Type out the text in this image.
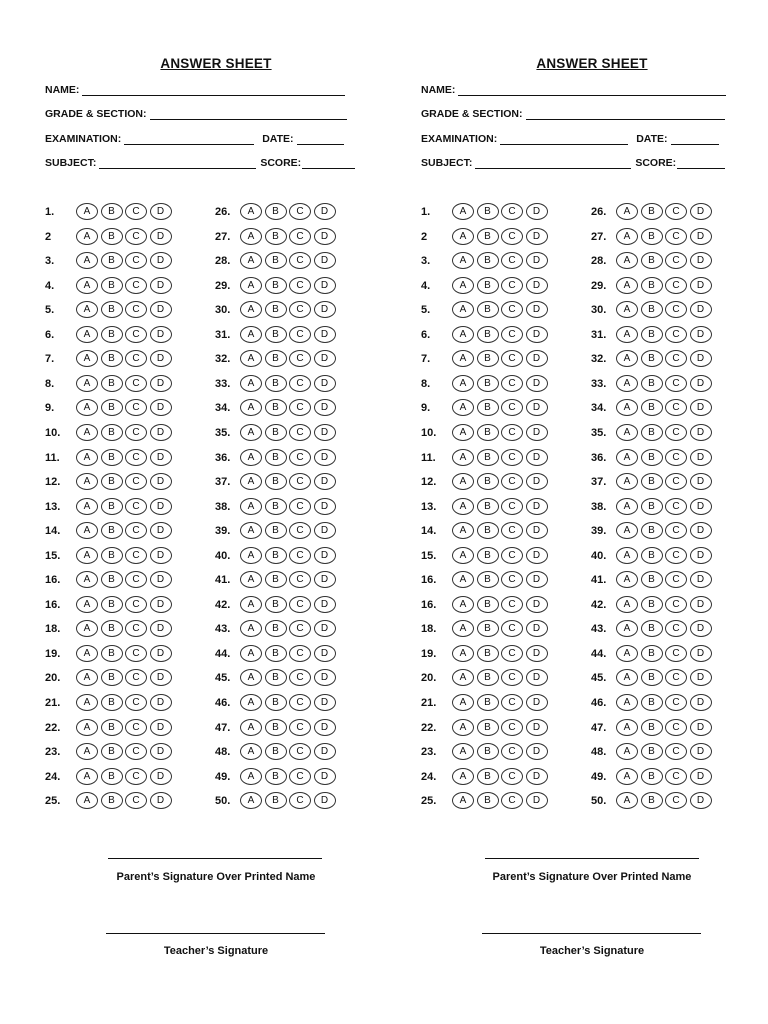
ANSWER SHEET
NAME:
GRADE & SECTION:
EXAMINATION:	DATE:
SUBJECT:	SCORE:
1.	A	B	C	D
2	A	B	C	D
3.	A	B	C	D
4.	A	B	C	D
5.	A	B	C	D
6.	A	B	C	D
7.	A	B	C	D
8.	A	B	C	D
9.	A	B	C	D
10.	A	B	C	D
11.	A	B	C	D
12.	A	B	C	D
13.	A	B	C	D
14.	A	B	C	D
15.	A	B	C	D
16.	A	B	C	D
16.	A	B	C	D
18.	A	B	C	D
19.	A	B	C	D
20.	A	B	C	D
21.	A	B	C	D
22.	A	B	C	D
23.	A	B	C	D
24.	A	B	C	D
25.	A	B	C	D
26.	A	B	C	D
27.	A	B	C	D
28.	A	B	C	D
29.	A	B	C	D
30.	A	B	C	D
31.	A	B	C	D
32.	A	B	C	D
33.	A	B	C	D
34.	A	B	C	D
35.	A	B	C	D
36.	A	B	C	D
37.	A	B	C	D
38.	A	B	C	D
39.	A	B	C	D
40.	A	B	C	D
41.	A	B	C	D
42.	A	B	C	D
43.	A	B	C	D
44.	A	B	C	D
45.	A	B	C	D
46.	A	B	C	D
47.	A	B	C	D
48.	A	B	C	D
49.	A	B	C	D
50.	A	B	C	D
Parent’s Signature Over Printed Name
Teacher’s Signature
ANSWER SHEET
NAME:
GRADE & SECTION:
EXAMINATION:	DATE:
SUBJECT:	SCORE:
1.	A	B	C	D
2	A	B	C	D
3.	A	B	C	D
4.	A	B	C	D
5.	A	B	C	D
6.	A	B	C	D
7.	A	B	C	D
8.	A	B	C	D
9.	A	B	C	D
10.	A	B	C	D
11.	A	B	C	D
12.	A	B	C	D
13.	A	B	C	D
14.	A	B	C	D
15.	A	B	C	D
16.	A	B	C	D
16.	A	B	C	D
18.	A	B	C	D
19.	A	B	C	D
20.	A	B	C	D
21.	A	B	C	D
22.	A	B	C	D
23.	A	B	C	D
24.	A	B	C	D
25.	A	B	C	D
26.	A	B	C	D
27.	A	B	C	D
28.	A	B	C	D
29.	A	B	C	D
30.	A	B	C	D
31.	A	B	C	D
32.	A	B	C	D
33.	A	B	C	D
34.	A	B	C	D
35.	A	B	C	D
36.	A	B	C	D
37.	A	B	C	D
38.	A	B	C	D
39.	A	B	C	D
40.	A	B	C	D
41.	A	B	C	D
42.	A	B	C	D
43.	A	B	C	D
44.	A	B	C	D
45.	A	B	C	D
46.	A	B	C	D
47.	A	B	C	D
48.	A	B	C	D
49.	A	B	C	D
50.	A	B	C	D
Parent’s Signature Over Printed Name
Teacher’s Signature
